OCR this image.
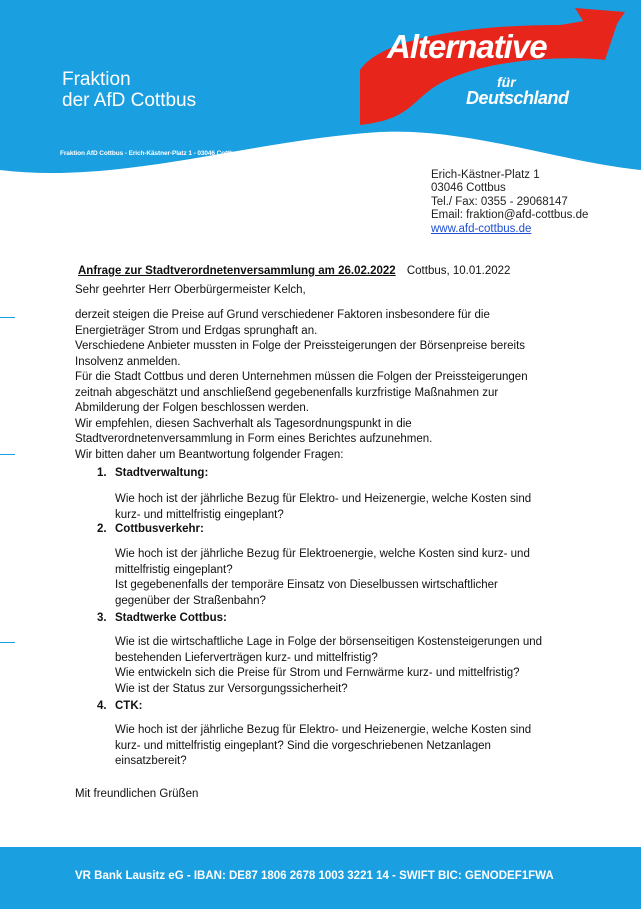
Fraktion
der AfD Cottbus
Fraktion AfD Cottbus - Erich-Kästner-Platz 1 - 03046 Cottbus
Alternative
für
Deutschland
Erich-Kästner-Platz 1
03046 Cottbus
Tel./ Fax: 0355 - 29068147
Email: fraktion@afd-cottbus.de
www.afd-cottbus.de
Anfrage zur Stadtverordnetenversammlung am 26.02.2022 Cottbus, 10.01.2022
Sehr geehrter Herr Oberbürgermeister Kelch,

derzeit steigen die Preise auf Grund verschiedener Faktoren insbesondere für die

Energieträger Strom und Erdgas sprunghaft an.

Verschiedene Anbieter mussten in Folge der Preissteigerungen der Börsenpreise bereits

Insolvenz anmelden.

Für die Stadt Cottbus und deren Unternehmen müssen die Folgen der Preissteigerungen

zeitnah abgeschätzt und anschließend gegebenenfalls kurzfristige Maßnahmen zur

Abmilderung der Folgen beschlossen werden.

Wir empfehlen, diesen Sachverhalt als Tagesordnungspunkt in die

Stadtverordnetenversammlung in Form eines Berichtes aufzunehmen.

Wir bitten daher um Beantwortung folgender Fragen:

1. Stadtverwaltung:

Wie hoch ist der jährliche Bezug für Elektro- und Heizenergie, welche Kosten sind

kurz- und mittelfristig eingeplant?

2. Cottbusverkehr:

Wie hoch ist der jährliche Bezug für Elektroenergie, welche Kosten sind kurz- und

mittelfristig eingeplant?

Ist gegebenenfalls der temporäre Einsatz von Dieselbussen wirtschaftlicher

gegenüber der Straßenbahn?

3. Stadtwerke Cottbus:

Wie ist die wirtschaftliche Lage in Folge der börsenseitigen Kostensteigerungen und

bestehenden Lieferverträgen kurz- und mittelfristig?

Wie entwickeln sich die Preise für Strom und Fernwärme kurz- und mittelfristig?

Wie ist der Status zur Versorgungssicherheit?

4. CTK:

Wie hoch ist der jährliche Bezug für Elektro- und Heizenergie, welche Kosten sind

kurz- und mittelfristig eingeplant? Sind die vorgeschriebenen Netzanlagen

einsatzbereit?

Mit freundlichen Grüßen
VR Bank Lausitz eG - IBAN: DE87 1806 2678 1003 3221 14 - SWIFT BIC: GENODEF1FWA
